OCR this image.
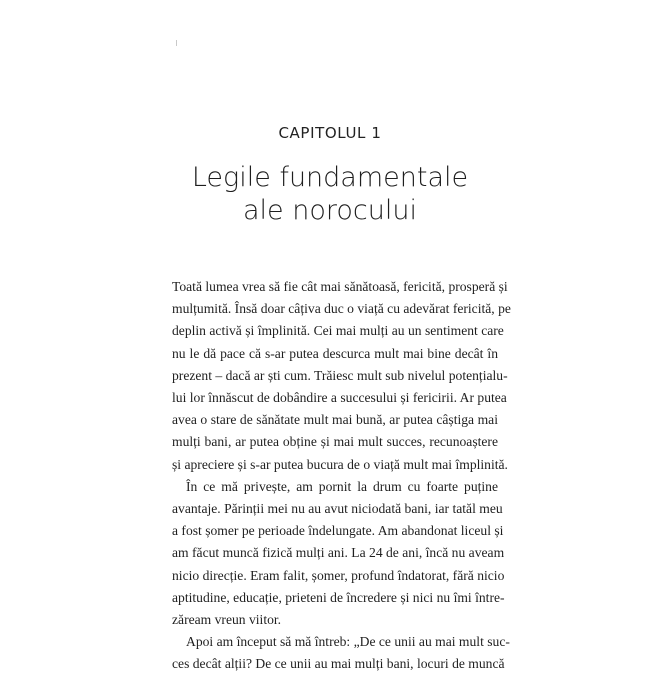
CAPITOLUL 1
Legile fundamentale
ale norocului
Toată lumea vrea să fie cât mai sănătoasă, fericită, prosperă și
mulțumită. Însă doar câțiva duc o viață cu adevărat fericită, pe
deplin activă și împlinită. Cei mai mulți au un sentiment care
nu le dă pace că s-ar putea descurca mult mai bine decât în
prezent – dacă ar ști cum. Trăiesc mult sub nivelul potențialu-
lui lor înnăscut de dobândire a succesului și fericirii. Ar putea
avea o stare de sănătate mult mai bună, ar putea câștiga mai
mulți bani, ar putea obține și mai mult succes, recunoaștere
și apreciere și s-ar putea bucura de o viață mult mai împlinită.
În ce mă privește, am pornit la drum cu foarte puține
avantaje. Părinții mei nu au avut niciodată bani, iar tatăl meu
a fost șomer pe perioade îndelungate. Am abandonat liceul și
am făcut muncă fizică mulți ani. La 24 de ani, încă nu aveam
nicio direcție. Eram falit, șomer, profund îndatorat, fără nicio
aptitudine, educație, prieteni de încredere și nici nu îmi între-
zăream vreun viitor.
Apoi am început să mă întreb: „De ce unii au mai mult suc-
ces decât alții? De ce unii au mai mulți bani, locuri de muncă
